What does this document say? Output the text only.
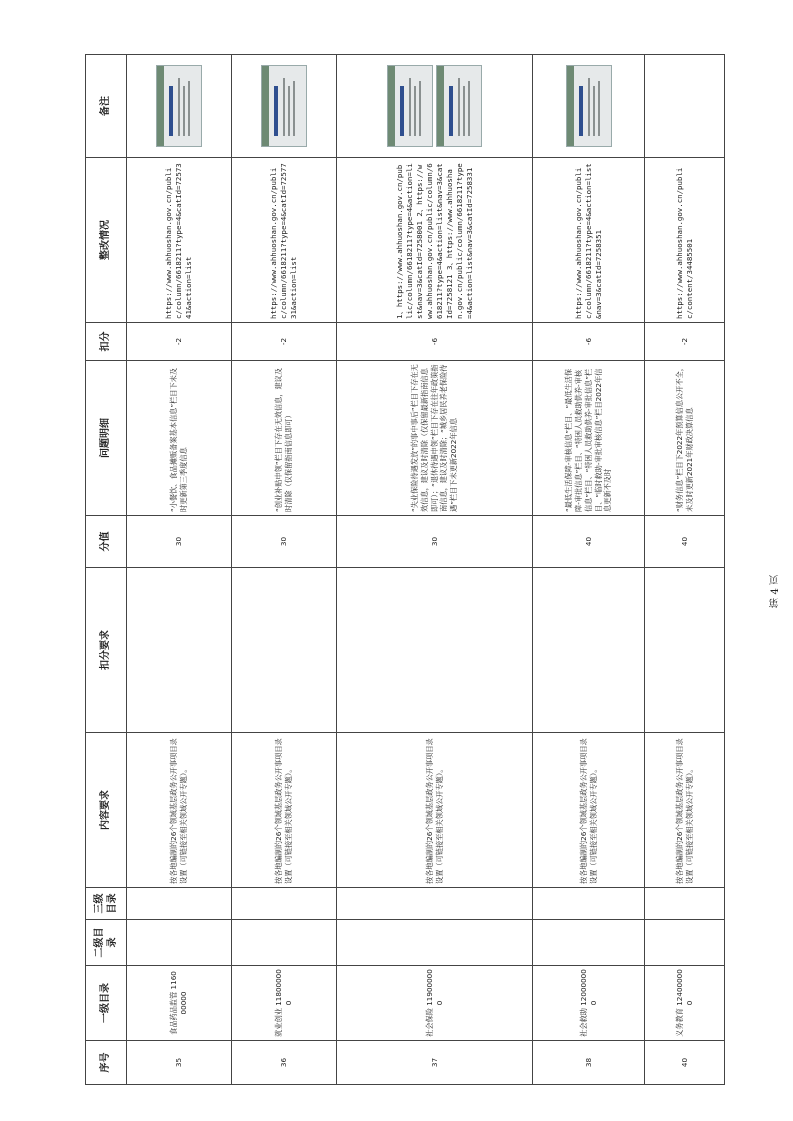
序号	一级目录	二级目录	三级目录	内容要求	扣分要求	分值	问题明细	扣分	整改情况	备注
35	食品药品监管 116000000			按各地编制的26个领域基层政务公开事项目录设置（可链接至相关领域公开专题）。		30	“小餐饮、食品摊贩备案基本信息”栏目下未及时更新第三季度信息	-2	https://www.ahhuoshan.gov.cn/public/column/6618211?type=4&catId=7257341&action=list	

36	就业创业 118000000			按各地编制的26个领域基层政务公开事项目录设置（可链接至相关领域公开专题）。		30	“创业补贴申领”栏目下存在无效信息，建议及时清除（仅保留指南信息即可）	-2	https://www.ahhuoshan.gov.cn/public/column/6618211?type=4&catId=7257731&action=list	

37	社会保险 119000000			按各地编制的26个领域基层政务公开事项目录设置（可链接至相关领域公开专题）。		30	“失业保险待遇发放”的事中事后”栏目下存在无效信息，建议及时清除（仅保留最新指南信息即可）；“退休待遇申领”栏目下存在往年政策指南信息，建议及时清除；“城乡居民养老保险待遇”栏目下未更新2022年信息	-6	1、https://www.ahhuoshan.gov.cn/public/column/6618211?type=4&action=list&nav=3&catId=7258001 2、https://www.ahhuoshan.gov.cn/public/column/6618211?type=4&action=list&nav=3&catId=7258121 3、https://www.ahhuoshan.gov.cn/public/column/6618211?type=4&action=list&nav=3&catId=7258331	

38	社会救助 120000000			按各地编制的26个领域基层政务公开事项目录设置（可链接至相关领域公开专题）。		40	“最低生活保障-审核信息”栏目、“最低生活保障-审批信息”栏目、“特困人员救助供养-审核信息”栏目、“特困人员救助供养-审批信息”栏目、“临时救助-审批审核信息”栏目2022年信息更新不及时	-6	https://www.ahhuoshan.gov.cn/public/column/6618211?type=4&action=list&nav=3&catId=7258351	

40	义务教育 124000000			按各地编制的26个领域基层政务公开事项目录设置（可链接至相关领域公开专题）。		40	“财务信息”栏目下2022年预算信息公开不全，未及时更新2021年财政决算信息	-2	https://www.ahhuoshan.gov.cn/public/content/34485501	
第 4 页
